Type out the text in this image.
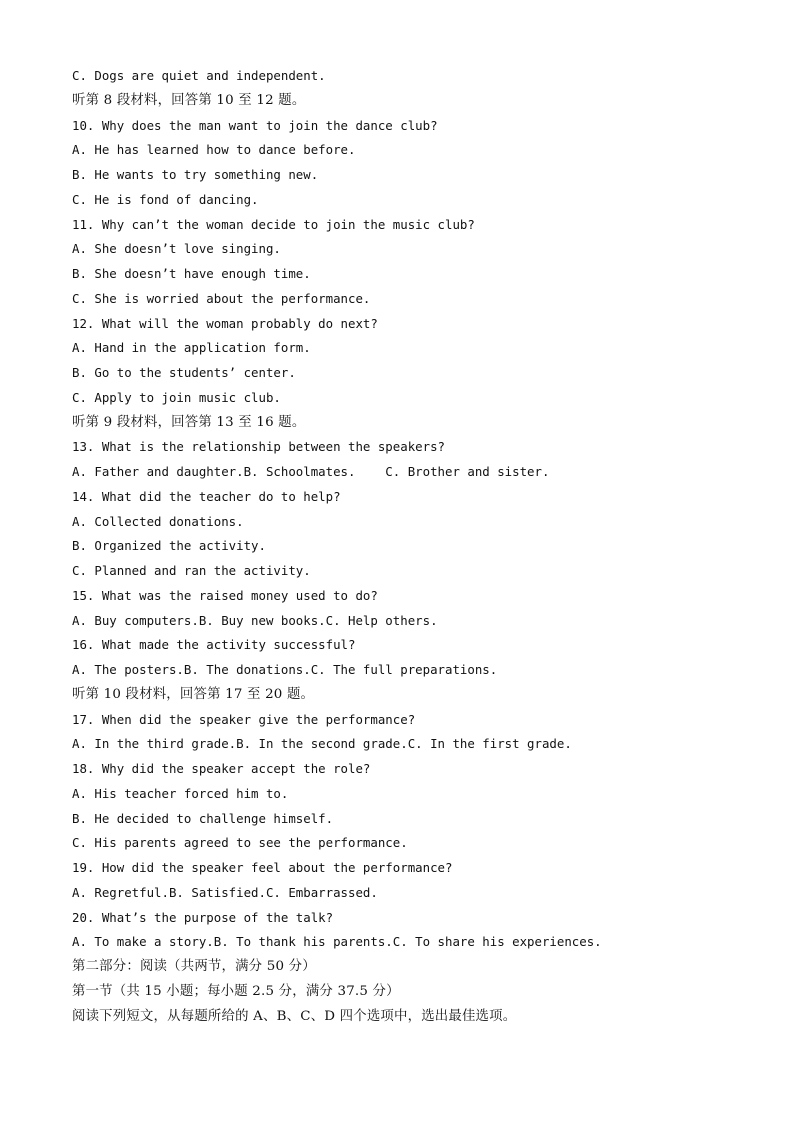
C. Dogs are quiet and independent.
听第 8 段材料，回答第 10 至 12 题。
10. Why does the man want to join the dance club?
A. He has learned how to dance before.
B. He wants to try something new.
C. He is fond of dancing.
11. Why can’t the woman decide to join the music club?
A. She doesn’t love singing.
B. She doesn’t have enough time.
C. She is worried about the performance.
12. What will the woman probably do next?
A. Hand in the application form.
B. Go to the students’ center.
C. Apply to join music club.
听第 9 段材料，回答第 13 至 16 题。
13. What is the relationship between the speakers?
A. Father and daughter.B. Schoolmates.    C. Brother and sister.
14. What did the teacher do to help?
A. Collected donations.
B. Organized the activity.
C. Planned and ran the activity.
15. What was the raised money used to do?
A. Buy computers.B. Buy new books.C. Help others.
16. What made the activity successful?
A. The posters.B. The donations.C. The full preparations.
听第 10 段材料，回答第 17 至 20 题。
17. When did the speaker give the performance?
A. In the third grade.B. In the second grade.C. In the first grade.
18. Why did the speaker accept the role?
A. His teacher forced him to.
B. He decided to challenge himself.
C. His parents agreed to see the performance.
19. How did the speaker feel about the performance?
A. Regretful.B. Satisfied.C. Embarrassed.
20. What’s the purpose of the talk?
A. To make a story.B. To thank his parents.C. To share his experiences.
第二部分：阅读（共两节，满分 50 分）
第一节（共 15 小题；每小题 2.5 分，满分 37.5 分）
阅读下列短文，从每题所给的 A、B、C、D 四个选项中，选出最佳选项。
